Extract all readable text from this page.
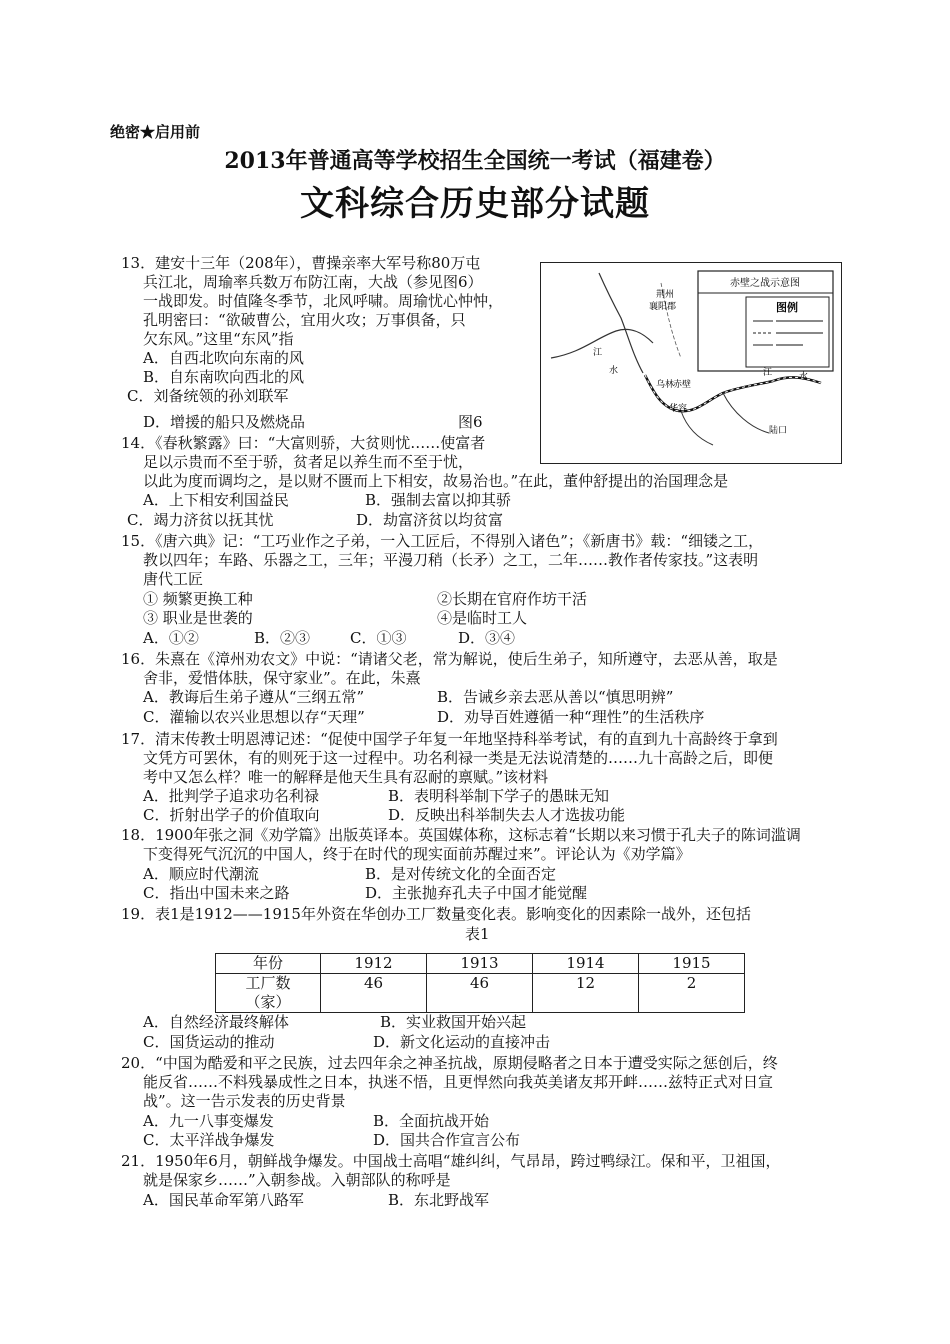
绝密★启用前
2013年普通高等学校招生全国统一考试（福建卷）
文科综合历史部分试题
13．建安十三年（208年），曹操亲率大军号称80万屯
兵江北，周瑜率兵数万布防江南，大战（参见图6）
一战即发。时值隆冬季节，北风呼啸。周瑜忧心忡忡，
孔明密曰：“欲破曹公，宜用火攻；万事俱备，只
欠东风。”这里“东风”指
A．自西北吹向东南的风
B．自东南吹向西北的风
C．刘备统领的孙刘联军
D．增援的船只及燃烧品
14．《春秋繁露》曰：“大富则骄，大贫则忧……使富者
足以示贵而不至于骄，贫者足以养生而不至于忧，
以此为度而调均之，是以财不匮而上下相安，故易治也。”在此，董仲舒提出的治国理念是
A．上下相安利国益民	B．强制去富以抑其骄
C．竭力济贫以抚其忧	D．劫富济贫以均贫富
15．《唐六典》记：“工巧业作之子弟，一入工匠后，不得别入诸色”；《新唐书》载：“细镂之工，
教以四年；车路、乐器之工，三年；平漫刀稍（长矛）之工，二年……教作者传家技。”这表明
唐代工匠
① 频繁更换工种	②长期在官府作坊干活
③ 职业是世袭的	④是临时工人
A．①②	B．②③	C．①③	D．③④
16．朱熹在《漳州劝农文》中说：“请诸父老，常为解说，使后生弟子，知所遵守，去恶从善，取是
舍非，爱惜体肤，保守家业”。在此，朱熹
A．教诲后生弟子遵从“三纲五常”	B．告诫乡亲去恶从善以“慎思明辨”
C．灌输以农兴业思想以存“天理”	D．劝导百姓遵循一种“理性”的生活秩序
17．清末传教士明恩溥记述：“促使中国学子年复一年地坚持科举考试，有的直到九十高龄终于拿到
文凭方可罢休，有的则死于这一过程中。功名利禄一类是无法说清楚的……九十高龄之后，即便
考中又怎么样？唯一的解释是他天生具有忍耐的禀赋。”该材料
A．批判学子追求功名利禄	B．表明科举制下学子的愚昧无知
C．折射出学子的价值取向	D．反映出科举制失去人才选拔功能
18．1900年张之洞《劝学篇》出版英译本。英国媒体称，这标志着“长期以来习惯于孔夫子的陈词滥调
下变得死气沉沉的中国人，终于在时代的现实面前苏醒过来”。评论认为《劝学篇》
A．顺应时代潮流	B．是对传统文化的全面否定
C．指出中国未来之路	D．主张抛弃孔夫子中国才能觉醒
19．表1是1912——1915年外资在华创办工厂数量变化表。影响变化的因素除一战外，还包括
表1
A．自然经济最终解体	B．实业救国开始兴起
C．国货运动的推动	D．新文化运动的直接冲击
20．“中国为酷爱和平之民族，过去四年余之神圣抗战，原期侵略者之日本于遭受实际之惩创后，终
能反省……不料残暴成性之日本，执迷不悟，且更悍然向我英美诸友邦开衅……兹特正式对日宣
战”。这一告示发表的历史背景
A．九一八事变爆发	B．全面抗战开始
C．太平洋战争爆发	D．国共合作宣言公布
21．1950年6月，朝鲜战争爆发。中国战士高唱“雄纠纠，气昂昂，跨过鸭绿江。保和平，卫祖国，
就是保家乡……”入朝参战。入朝部队的称呼是
A．国民革命军第八路军	B．东北野战军
赤壁之战示意图
图例
荆州
襄阳郡
江
水
华容
乌林
赤壁
江	水
陆口
图6
年份	1912	1913	1914	1915
工厂数
（家）	46	46	12	2
